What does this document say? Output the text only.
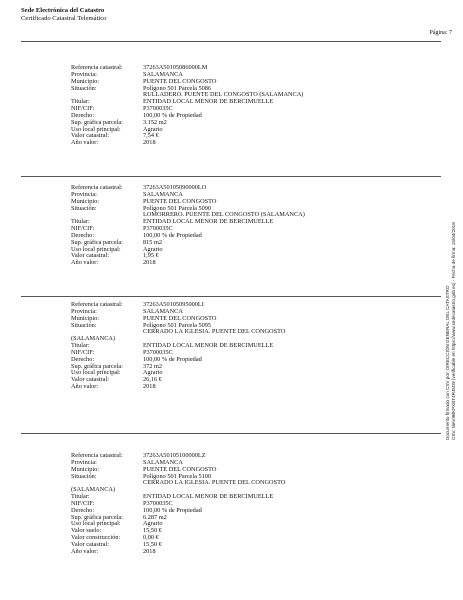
Sede Electrónica del Catastro
Certificado Catastral Telemático
Página: 7
Referencia catastral:	37263A50105086000LM
Provincia:	SALAMANCA
Municipio:	PUENTE DEL CONGOSTO
Situación:	Polígono 501 Parcela 5086
RULLADERO. PUENTE DEL CONGOSTO (SALAMANCA)
Titular:	ENTIDAD LOCAL MENOR DE BERCIMUELLE
NIF/CIF:	P3700035C
Derecho:	100,00 % de Propiedad
Sup. gráfica parcela:	3.152 m2
Uso local principal:	Agrario
Valor catastral:	7,54 €
Año valor:	2018
Referencia catastral:	37263A50105090000LO
Provincia:	SALAMANCA
Municipio:	PUENTE DEL CONGOSTO
Situación:	Polígono 501 Parcela 5090
LOMORRERO. PUENTE DEL CONGOSTO (SALAMANCA)
Titular:	ENTIDAD LOCAL MENOR DE BERCIMUELLE
NIF/CIF:	P3700035C
Derecho:	100,00 % de Propiedad
Sup. gráfica parcela:	815 m2
Uso local principal:	Agrario
Valor catastral:	1,95 €
Año valor:	2018
Referencia catastral:	37263A50105095000LI
Provincia:	SALAMANCA
Municipio:	PUENTE DEL CONGOSTO
Situación:	Polígono 501 Parcela 5095
CERRADO LA IGLESIA. PUENTE DEL CONGOSTO
(SALAMANCA)
Titular:	ENTIDAD LOCAL MENOR DE BERCIMUELLE
NIF/CIF:	P3700035C
Derecho:	100,00 % de Propiedad
Sup. gráfica parcela:	372 m2
Uso local principal:	Agrario
Valor catastral:	26,16 €
Año valor:	2018
Referencia catastral:	37263A50105100000LZ
Provincia:	SALAMANCA
Municipio:	PUENTE DEL CONGOSTO
Situación:	Polígono 501 Parcela 5100
CERRADO LA IGLESIA. PUENTE DEL CONGOSTO
(SALAMANCA)
Titular:	ENTIDAD LOCAL MENOR DE BERCIMUELLE
NIF/CIF:	P3700035C
Derecho:	100,00 % de Propiedad
Sup. gráfica parcela:	6.287 m2
Uso local principal:	Agrario
Valor suelo:	15,50 €
Valor construcción:	0,00 €
Valor catastral:	15,50 €
Año valor:	2018
Documento firmado con CSV por: DIRECCIÓN GENERAL DEL CATASTRO CSV: MAV9BKPXBT4RJ5D9 (verificable en https://www.sedecatastro.gob.es) - Fecha de firma: 15/04/2018
